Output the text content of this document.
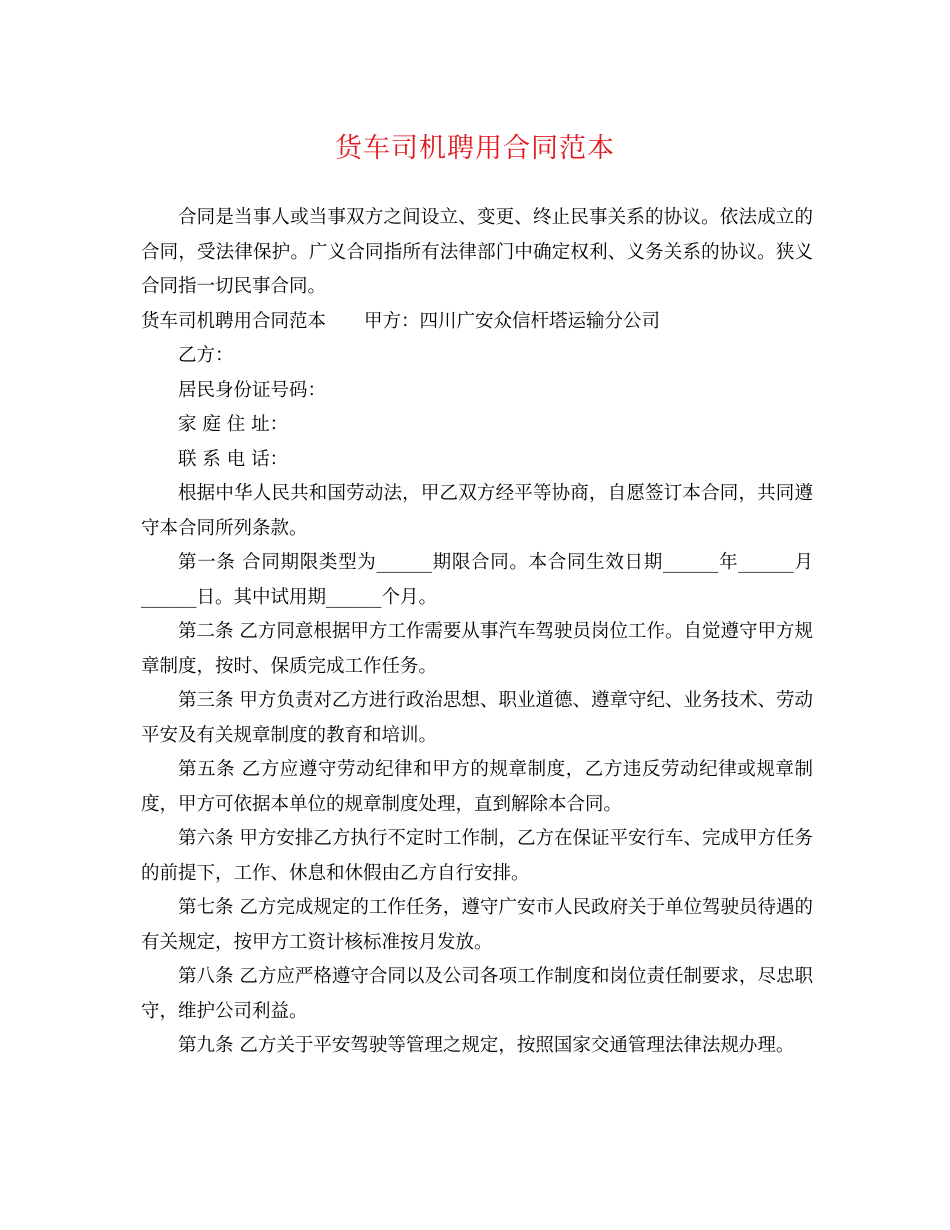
货车司机聘用合同范本

合同是当事人或当事双方之间设立、变更、终止民事关系的协议。依法成立的合同，受法律保护。广义合同指所有法律部门中确定权利、义务关系的协议。狭义合同指一切民事合同。

货车司机聘用合同范本 甲方：四川广安众信杆塔运输分公司

乙方：

居民身份证号码：

家 庭 住 址：

联 系 电 话：

根据中华人民共和国劳动法，甲乙双方经平等协商，自愿签订本合同，共同遵守本合同所列条款。

第一条 合同期限类型为______期限合同。本合同生效日期______年______月______日。其中试用期______个月。

第二条 乙方同意根据甲方工作需要从事汽车驾驶员岗位工作。自觉遵守甲方规章制度，按时、保质完成工作任务。

第三条 甲方负责对乙方进行政治思想、职业道德、遵章守纪、业务技术、劳动平安及有关规章制度的教育和培训。

第五条 乙方应遵守劳动纪律和甲方的规章制度，乙方违反劳动纪律或规章制度，甲方可依据本单位的规章制度处理，直到解除本合同。

第六条 甲方安排乙方执行不定时工作制，乙方在保证平安行车、完成甲方任务的前提下，工作、休息和休假由乙方自行安排。

第七条 乙方完成规定的工作任务，遵守广安市人民政府关于单位驾驶员待遇的有关规定，按甲方工资计核标准按月发放。

第八条 乙方应严格遵守合同以及公司各项工作制度和岗位责任制要求，尽忠职守，维护公司利益。

第九条 乙方关于平安驾驶等管理之规定，按照国家交通管理法律法规办理。
